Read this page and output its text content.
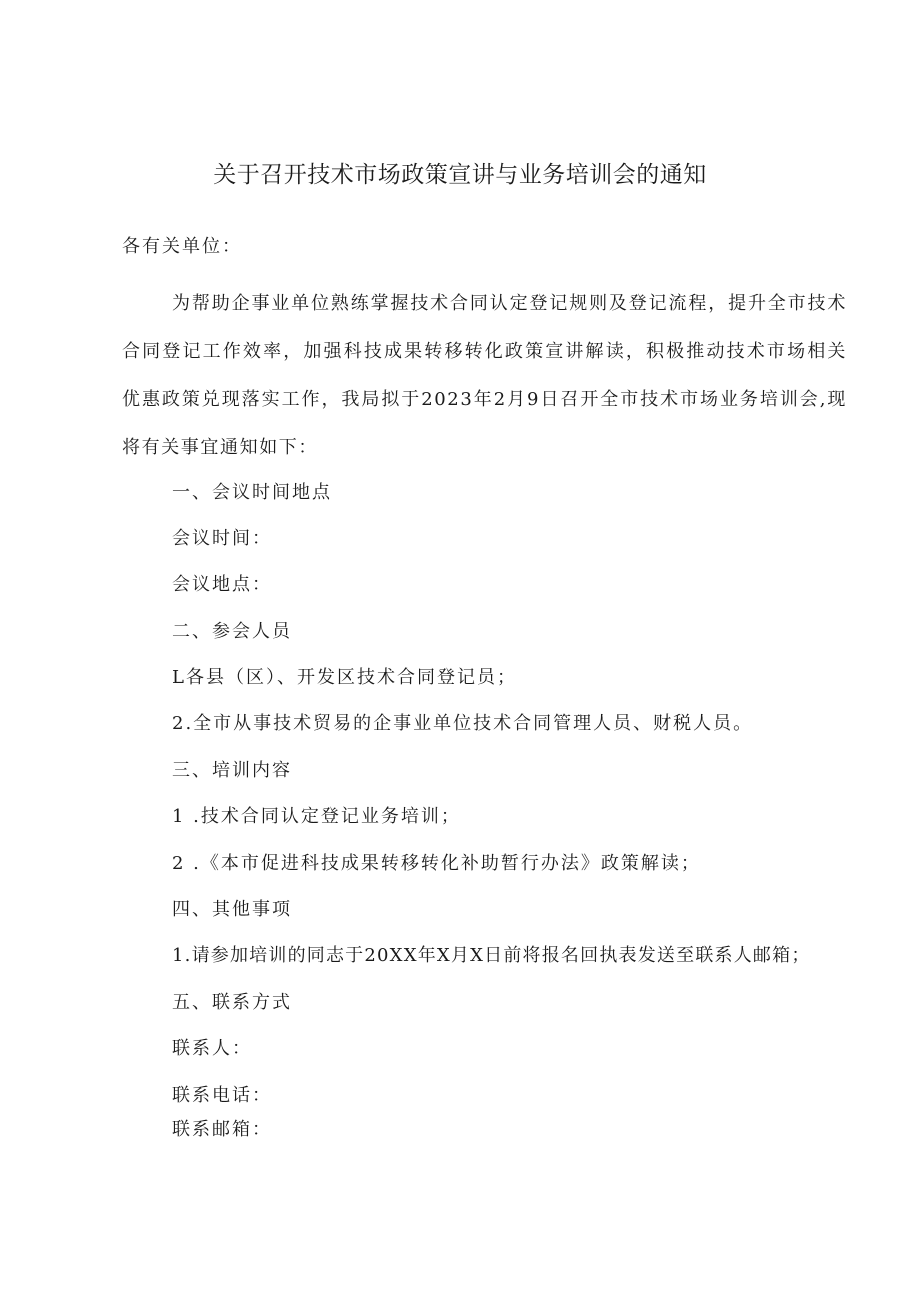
关于召开技术市场政策宣讲与业务培训会的通知
各有关单位：
为帮助企事业单位熟练掌握技术合同认定登记规则及登记流程，提升全市技术合同登记工作效率，加强科技成果转移转化政策宣讲解读，积极推动技术市场相关优惠政策兑现落实工作，我局拟于2023年2月9日召开全市技术市场业务培训会,现将有关事宜通知如下：
一、会议时间地点
会议时间：
会议地点：
二、参会人员
L各县（区）、开发区技术合同登记员；
2.全市从事技术贸易的企事业单位技术合同管理人员、财税人员。
三、培训内容
1 .技术合同认定登记业务培训；
2 .《本市促进科技成果转移转化补助暂行办法》政策解读；
四、其他事项
1.请参加培训的同志于20XX年X月X日前将报名回执表发送至联系人邮箱；
五、联系方式
联系人：
联系电话：
联系邮箱：
